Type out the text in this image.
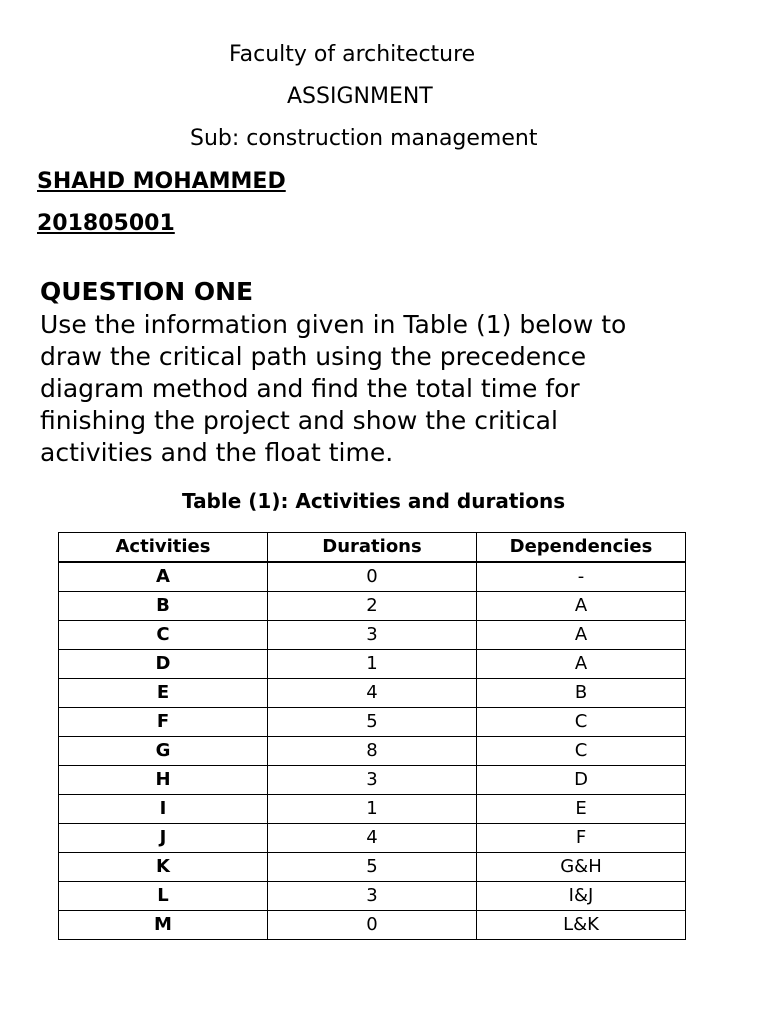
Faculty of architecture
ASSIGNMENT
Sub: construction management
SHAHD MOHAMMED
201805001
QUESTION ONE
Use the information given in Table (1) below to
draw the critical path using the precedence
diagram method and find the total time for
finishing the project and show the critical
activities and the float time.
Table (1): Activities and durations
Activities	Durations	Dependencies
A	0	-
B	2	A
C	3	A
D	1	A
E	4	B
F	5	C
G	8	C
H	3	D
I	1	E
J	4	F
K	5	G&H
L	3	I&J
M	0	L&K
